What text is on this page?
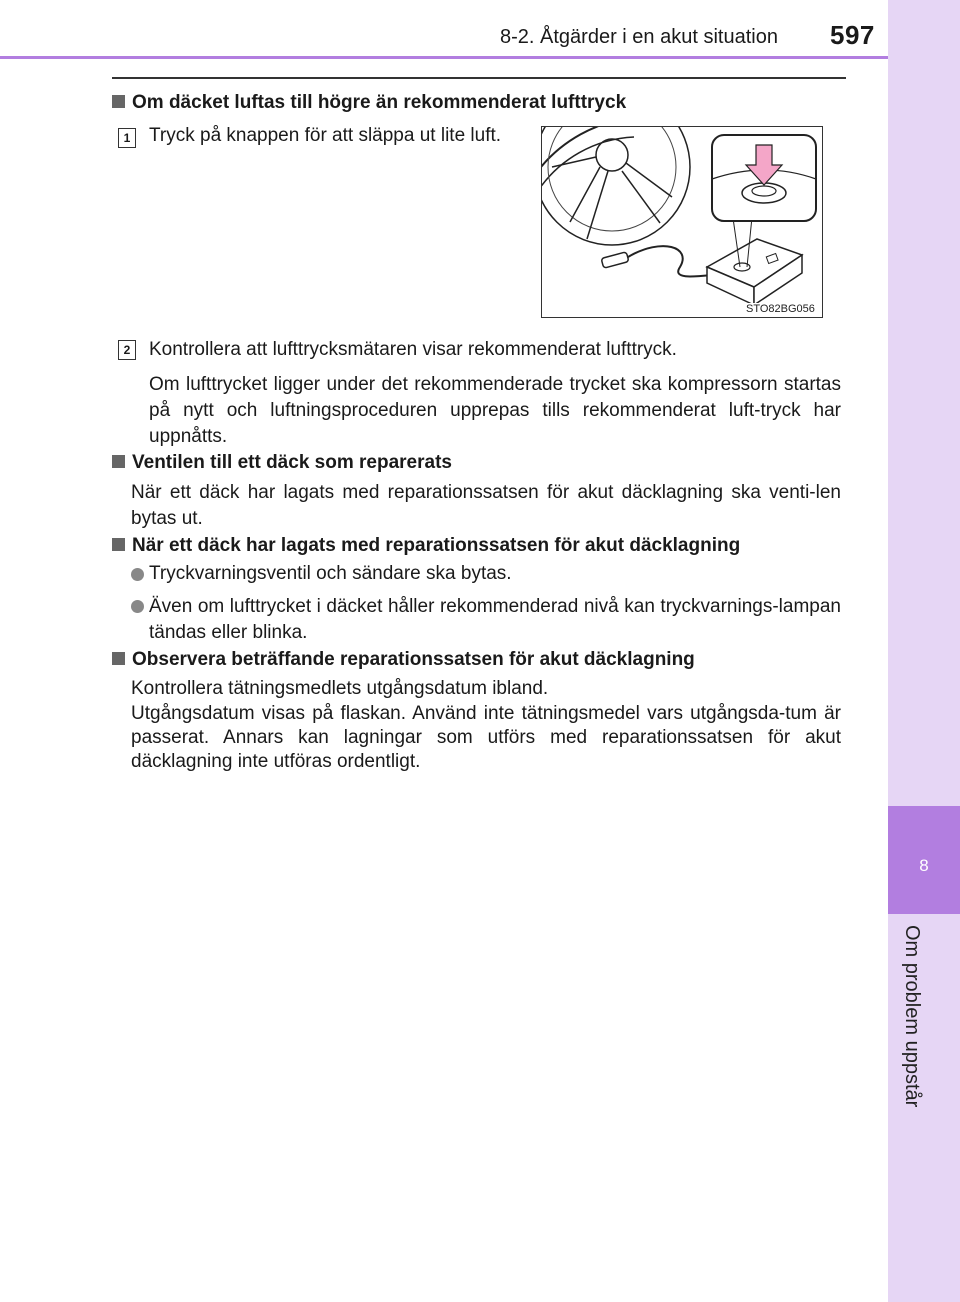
8-2. Åtgärder i en akut situation	597
8
Om problem uppstår
Om däcket luftas till högre än rekommenderat lufttryck
1 Tryck på knappen för att släppa ut lite luft.
STO82BG056
2 Kontrollera att lufttrycksmätaren visar rekommenderat lufttryck.
Om lufttrycket ligger under det rekommenderade trycket ska kompressorn startas på nytt och luftningsproceduren upprepas tills rekommenderat luft-tryck har uppnåtts.
Ventilen till ett däck som reparerats
När ett däck har lagats med reparationssatsen för akut däcklagning ska venti-len bytas ut.
När ett däck har lagats med reparationssatsen för akut däcklagning
Tryckvarningsventil och sändare ska bytas.
Även om lufttrycket i däcket håller rekommenderad nivå kan tryckvarnings-lampan tändas eller blinka.
Observera beträffande reparationssatsen för akut däcklagning
Kontrollera tätningsmedlets utgångsdatum ibland.
Utgångsdatum visas på flaskan. Använd inte tätningsmedel vars utgångsda-tum är passerat. Annars kan lagningar som utförs med reparationssatsen för akut däcklagning inte utföras ordentligt.
